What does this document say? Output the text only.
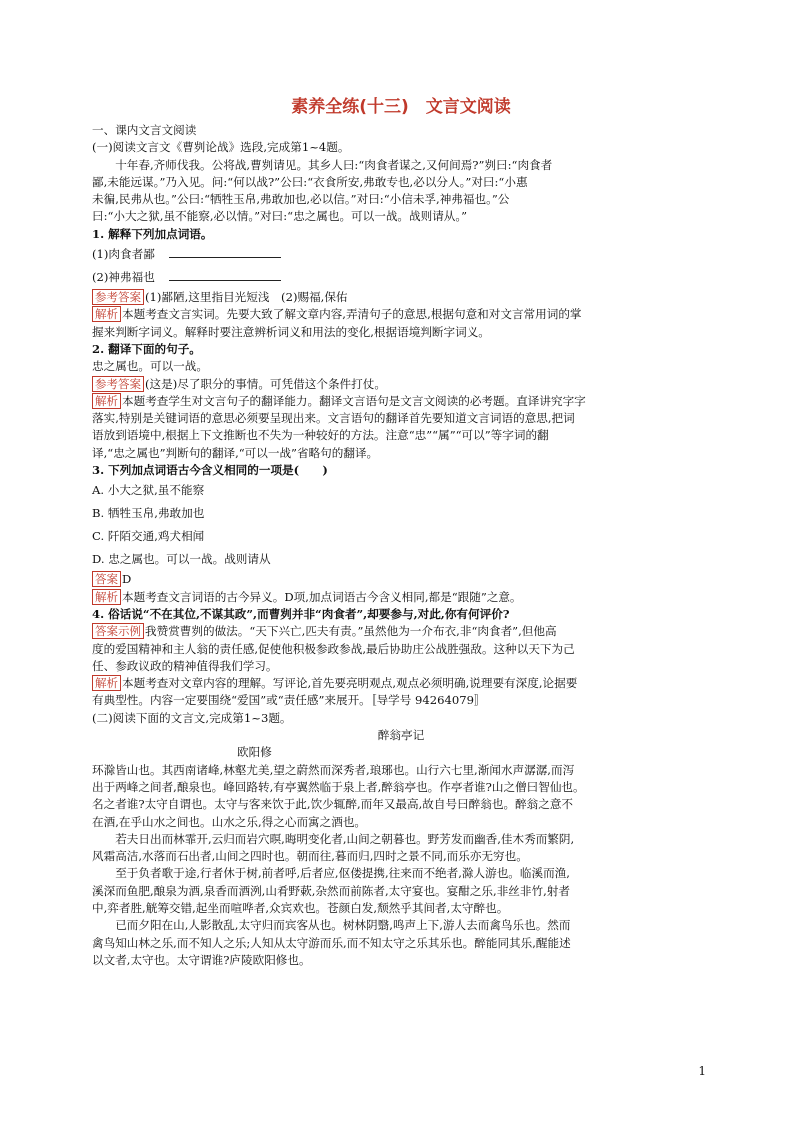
素养全练(十三)　文言文阅读
一、课内文言文阅读
(一)阅读文言文《曹刿论战》选段,完成第1~4题。
十年春,齐师伐我。公将战,曹刿请见。其乡人曰:“肉食者谋之,又何间焉?”刿曰:“肉食者
鄙,未能远谋。”乃入见。问:“何以战?”公曰:“衣食所安,弗敢专也,必以分人。”对曰:“小惠
未徧,民弗从也。”公曰:“牺牲玉帛,弗敢加也,必以信。”对曰:“小信未孚,神弗福也。”公
曰:“小大之狱,虽不能察,必以情。”对曰:“忠之属也。可以一战。战则请从。”
1. 解释下列加点词语。
(1)肉食者鄙
(2)神弗福也
参考答案 (1)鄙陋,这里指目光短浅　(2)赐福,保佑
解析 本题考查文言实词。先要大致了解文章内容,弄清句子的意思,根据句意和对文言常用词的掌
握来判断字词义。解释时要注意辨析词义和用法的变化,根据语境判断字词义。
2. 翻译下面的句子。
忠之属也。可以一战。
参考答案 (这是)尽了职分的事情。可凭借这个条件打仗。
解析 本题考查学生对文言句子的翻译能力。翻译文言语句是文言文阅读的必考题。直译讲究字字
落实,特别是关键词语的意思必须要呈现出来。文言语句的翻译首先要知道文言词语的意思,把词
语放到语境中,根据上下文推断也不失为一种较好的方法。注意“忠”“属”“可以”等字词的翻
译,“忠之属也”判断句的翻译,“可以一战”省略句的翻译。
3. 下列加点词语古今含义相同的一项是(　　)
A. 小大之狱,虽不能察
B. 牺牲玉帛,弗敢加也
C. 阡陌交通,鸡犬相闻
D. 忠之属也。可以一战。战则请从
答案 D
解析 本题考查文言词语的古今异义。D项,加点词语古今含义相同,都是“跟随”之意。
4. 俗话说“不在其位,不谋其政”,而曹刿并非“肉食者”,却要参与,对此,你有何评价?
答案示例 我赞赏曹刿的做法。“天下兴亡,匹夫有责。”虽然他为一介布衣,非“肉食者”,但他高
度的爱国精神和主人翁的责任感,促使他积极参政参战,最后协助庄公战胜强敌。这种以天下为己
任、参政议政的精神值得我们学习。
解析 本题考查对文章内容的理解。写评论,首先要亮明观点,观点必须明确,说理要有深度,论据要
有典型性。内容一定要围绕“爱国”或“责任感”来展开。〚导学号 94264079〛
(二)阅读下面的文言文,完成第1~3题。
醉翁亭记
欧阳修
环滁皆山也。其西南诸峰,林壑尤美,望之蔚然而深秀者,琅琊也。山行六七里,渐闻水声潺潺,而泻
出于两峰之间者,酿泉也。峰回路转,有亭翼然临于泉上者,醉翁亭也。作亭者谁?山之僧曰智仙也。
名之者谁?太守自谓也。太守与客来饮于此,饮少辄醉,而年又最高,故自号曰醉翁也。醉翁之意不
在酒,在乎山水之间也。山水之乐,得之心而寓之酒也。
若夫日出而林霏开,云归而岩穴暝,晦明变化者,山间之朝暮也。野芳发而幽香,佳木秀而繁阴,
风霜高洁,水落而石出者,山间之四时也。朝而往,暮而归,四时之景不同,而乐亦无穷也。
至于负者歌于途,行者休于树,前者呼,后者应,伛偻提携,往来而不绝者,滁人游也。临溪而渔,
溪深而鱼肥,酿泉为酒,泉香而酒洌,山肴野蔌,杂然而前陈者,太守宴也。宴酣之乐,非丝非竹,射者
中,弈者胜,觥筹交错,起坐而喧哗者,众宾欢也。苍颜白发,颓然乎其间者,太守醉也。
已而夕阳在山,人影散乱,太守归而宾客从也。树林阴翳,鸣声上下,游人去而禽鸟乐也。然而
禽鸟知山林之乐,而不知人之乐;人知从太守游而乐,而不知太守之乐其乐也。醉能同其乐,醒能述
以文者,太守也。太守谓谁?庐陵欧阳修也。
1
